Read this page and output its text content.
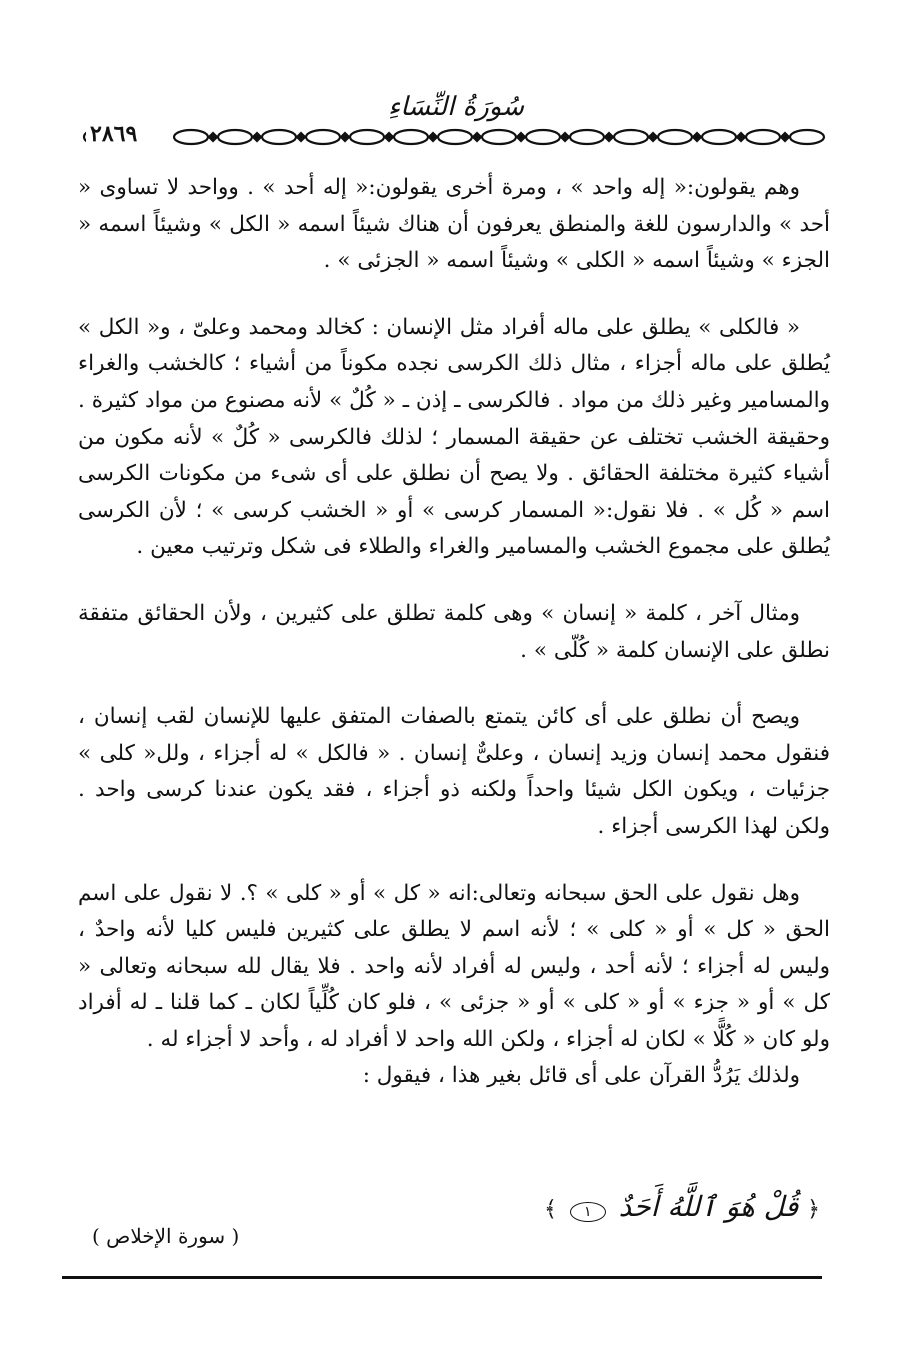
سُورَةُ النِّسَاءِ
٢٨٦٩

وهم يقولون:« إله واحد » ، ومرة أخرى يقولون:« إله أحد » . وواحد لا تساوى « أحد » والدارسون للغة والمنطق يعرفون أن هناك شيئاً اسمه « الكل » وشيئاً اسمه « الجزء » وشيئاً اسمه « الكلى » وشيئاً اسمه « الجزئى » .

« فالكلى » يطلق على ماله أفراد مثل الإنسان : كخالد ومحمد وعلىّ ، و« الكل » يُطلق على ماله أجزاء ، مثال ذلك الكرسى نجده مكوناً من أشياء ؛ كالخشب والغراء والمسامير وغير ذلك من مواد . فالكرسى ـ إذن ـ « كُلٌ » لأنه مصنوع من مواد كثيرة . وحقيقة الخشب تختلف عن حقيقة المسمار ؛ لذلك فالكرسى « كُلٌ » لأنه مكون من أشياء كثيرة مختلفة الحقائق . ولا يصح أن نطلق على أى شىء من مكونات الكرسى اسم « كُل » . فلا نقول:« المسمار كرسى » أو « الخشب كرسى » ؛ لأن الكرسى يُطلق على مجموع الخشب والمسامير والغراء والطلاء فى شكل وترتيب معين .

ومثال آخر ، كلمة « إنسان » وهى كلمة تطلق على كثيرين ، ولأن الحقائق متفقة نطلق على الإنسان كلمة « كُلّى » .

ويصح أن نطلق على أى كائن يتمتع بالصفات المتفق عليها للإنسان لقب إنسان ، فنقول محمد إنسان وزيد إنسان ، وعلىٌّ إنسان . « فالكل » له أجزاء ، ولل« كلى » جزئيات ، ويكون الكل شيئا واحداً ولكنه ذو أجزاء ، فقد يكون عندنا كرسى واحد . ولكن لهذا الكرسى أجزاء .

وهل نقول على الحق سبحانه وتعالى:انه « كل » أو « كلى » ؟. لا نقول على اسم الحق « كل » أو « كلى » ؛ لأنه اسم لا يطلق على كثيرين فليس كليا لأنه واحدٌ ، وليس له أجزاء ؛ لأنه أحد ، وليس له أفراد لأنه واحد . فلا يقال لله سبحانه وتعالى « كل » أو « جزء » أو « كلى » أو « جزئى » ، فلو كان كُلِّياً لكان ـ كما قلنا ـ له أفراد ولو كان « كُلًّا » لكان له أجزاء ، ولكن الله واحد لا أفراد له ، وأحد لا أجزاء له .

ولذلك يَرُدُّ القرآن على أى قائل بغير هذا ، فيقول :

﴿ قُلْ هُوَ ٱللَّهُ أَحَدٌ ١ ﴾
( سورة الإخلاص )
